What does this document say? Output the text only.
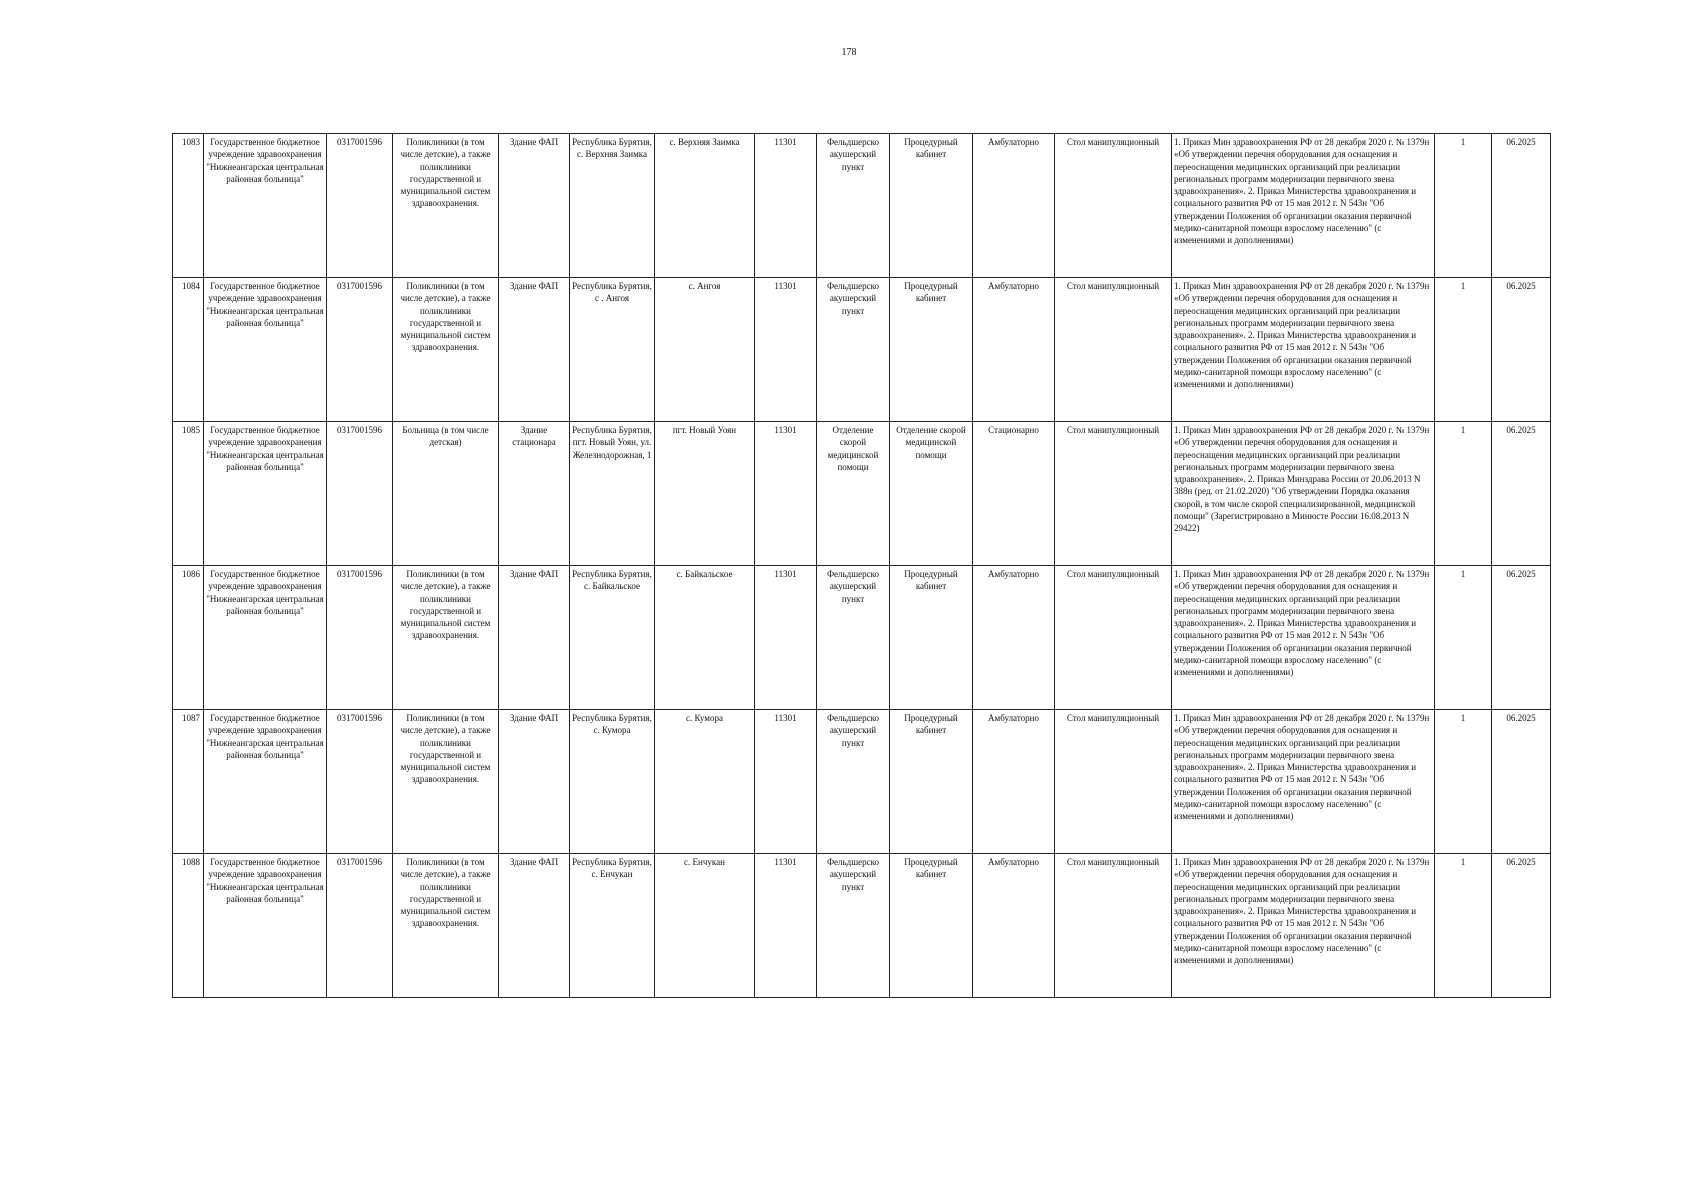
178
1083	Государственное бюджетное учреждение здравоохранения "Нижнеангарская центральная районная больница"	0317001596	Поликлиники (в том числе детские), а также поликлиники государственной и муниципальной систем здравоохранения.	Здание ФАП	Республика Бурятия, с. Верхняя Заимка	с. Верхняя Заимка	11301	Фельдшерско акушерский пункт	Процедурный кабинет	Амбулаторно	Стол манипуляционный	1. Приказ Мин здравоохранения РФ от 28 декабря 2020 г. № 1379н «Об утверждении перечня оборудования для оснащения и переоснащения медицинских организаций при реализации региональных программ модернизации первичного звена здравоохранения». 2. Приказ Министерства здравоохранения и социального развития РФ от 15 мая 2012 г. N 543н "Об утверждении Положения об организации оказания первичной медико-санитарной помощи взрослому населению" (с изменениями и дополнениями)	1	06.2025
1084	Государственное бюджетное учреждение здравоохранения "Нижнеангарская центральная районная больница"	0317001596	Поликлиники (в том числе детские), а также поликлиники государственной и муниципальной систем здравоохранения.	Здание ФАП	Республика Бурятия, с . Ангоя	с. Ангоя	11301	Фельдшерско акушерский пункт	Процедурный кабинет	Амбулаторно	Стол манипуляционный	1. Приказ Мин здравоохранения РФ от 28 декабря 2020 г. № 1379н «Об утверждении перечня оборудования для оснащения и переоснащения медицинских организаций при реализации региональных программ модернизации первичного звена здравоохранения». 2. Приказ Министерства здравоохранения и социального развития РФ от 15 мая 2012 г. N 543н "Об утверждении Положения об организации оказания первичной медико-санитарной помощи взрослому населению" (с изменениями и дополнениями)	1	06.2025
1085	Государственное бюджетное учреждение здравоохранения "Нижнеангарская центральная районная больница"	0317001596	Больница (в том числе детская)	Здание стационара	Республика Бурятия, пгт. Новый Уоян, ул. Железнодорожная, 1	пгт. Новый Уоян	11301	Отделение скорой медицинской помощи	Отделение скорой медицинской помощи	Стационарно	Стол манипуляционный	1. Приказ Мин здравоохранения РФ от 28 декабря 2020 г. № 1379н «Об утверждении перечня оборудования для оснащения и переоснащения медицинских организаций при реализации региональных программ модернизации первичного звена здравоохранения». 2. Приказ Минздрава России от 20.06.2013 N 388н (ред. от 21.02.2020) "Об утверждении Порядка оказания скорой, в том числе скорой специализированной, медицинской помощи" (Зарегистрировано в Минюсте России 16.08.2013 N 29422)	1	06.2025
1086	Государственное бюджетное учреждение здравоохранения "Нижнеангарская центральная районная больница"	0317001596	Поликлиники (в том числе детские), а также поликлиники государственной и муниципальной систем здравоохранения.	Здание ФАП	Республика Бурятия, с. Байкальское	с. Байкальское	11301	Фельдшерско акушерский пункт	Процедурный кабинет	Амбулаторно	Стол манипуляционный	1. Приказ Мин здравоохранения РФ от 28 декабря 2020 г. № 1379н «Об утверждении перечня оборудования для оснащения и переоснащения медицинских организаций при реализации региональных программ модернизации первичного звена здравоохранения». 2. Приказ Министерства здравоохранения и социального развития РФ от 15 мая 2012 г. N 543н "Об утверждении Положения об организации оказания первичной медико-санитарной помощи взрослому населению" (с изменениями и дополнениями)	1	06.2025
1087	Государственное бюджетное учреждение здравоохранения "Нижнеангарская центральная районная больница"	0317001596	Поликлиники (в том числе детские), а также поликлиники государственной и муниципальной систем здравоохранения.	Здание ФАП	Республика Бурятия, с. Кумора	с. Кумора	11301	Фельдшерско акушерский пункт	Процедурный кабинет	Амбулаторно	Стол манипуляционный	1. Приказ Мин здравоохранения РФ от 28 декабря 2020 г. № 1379н «Об утверждении перечня оборудования для оснащения и переоснащения медицинских организаций при реализации региональных программ модернизации первичного звена здравоохранения». 2. Приказ Министерства здравоохранения и социального развития РФ от 15 мая 2012 г. N 543н "Об утверждении Положения об организации оказания первичной медико-санитарной помощи взрослому населению" (с изменениями и дополнениями)	1	06.2025
1088	Государственное бюджетное учреждение здравоохранения "Нижнеангарская центральная районная больница"	0317001596	Поликлиники (в том числе детские), а также поликлиники государственной и муниципальной систем здравоохранения.	Здание ФАП	Республика Бурятия, с. Енчукан	с. Енчукан	11301	Фельдшерско акушерский пункт	Процедурный кабинет	Амбулаторно	Стол манипуляционный	1. Приказ Мин здравоохранения РФ от 28 декабря 2020 г. № 1379н «Об утверждении перечня оборудования для оснащения и переоснащения медицинских организаций при реализации региональных программ модернизации первичного звена здравоохранения». 2. Приказ Министерства здравоохранения и социального развития РФ от 15 мая 2012 г. N 543н "Об утверждении Положения об организации оказания первичной медико-санитарной помощи взрослому населению" (с изменениями и дополнениями)	1	06.2025
